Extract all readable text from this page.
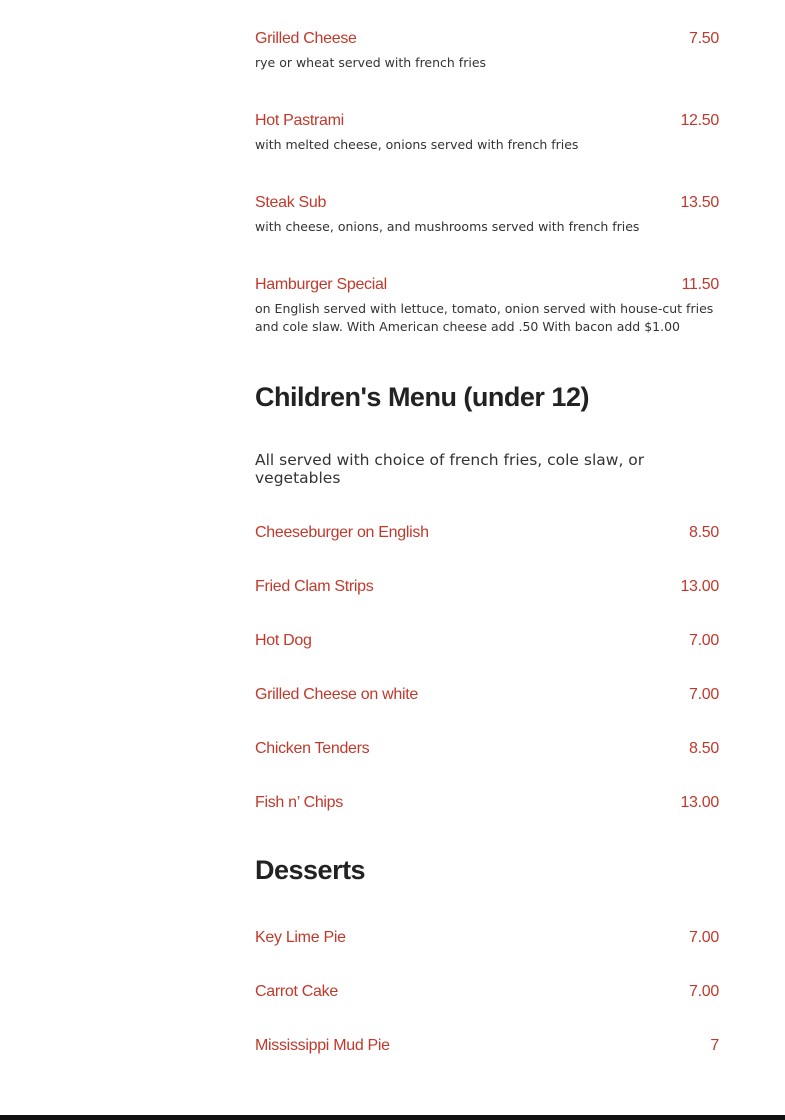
Grilled Cheese	7.50
rye or wheat served with french fries
Hot Pastrami	12.50
with melted cheese, onions served with french fries
Steak Sub	13.50
with cheese, onions, and mushrooms served with french fries
Hamburger Special	11.50
on English served with lettuce, tomato, onion served with house-cut fries and cole slaw. With American cheese add .50 With bacon add $1.00
Children's Menu (under 12)
All served with choice of french fries, cole slaw, or vegetables
Cheeseburger on English	8.50
Fried Clam Strips	13.00
Hot Dog	7.00
Grilled Cheese on white	7.00
Chicken Tenders	8.50
Fish n’ Chips	13.00
Desserts
Key Lime Pie	7.00
Carrot Cake	7.00
Mississippi Mud Pie	7
